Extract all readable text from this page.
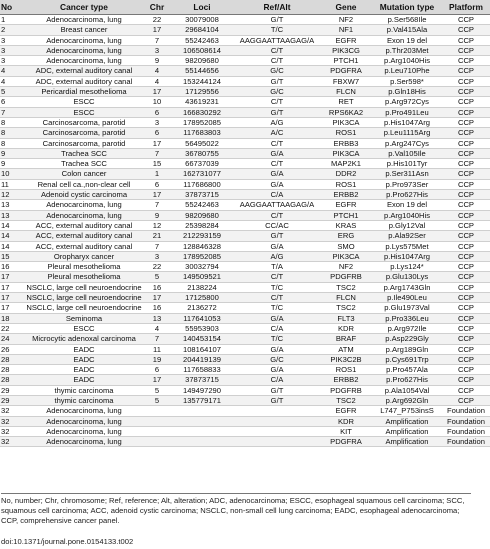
No	Cancer type	Chr	Loci	Ref/Alt	Gene	Mutation type	Platform
1	Adenocarcinoma, lung	22	30079008	G/T	NF2	p.Ser568Ile	CCP
2	Breast cancer	17	29684104	T/C	NF1	p.Val415Ala	CCP
3	Adenocarcinoma, lung	7	55242463	AAGGAATTAAGAG/A	EGFR	Exon 19 del	CCP
3	Adenocarcinoma, lung	3	106508614	C/T	PIK3CG	p.Thr203Met	CCP
3	Adenocarcinoma, lung	9	98209680	C/T	PTCH1	p.Arg1040His	CCP
4	ADC, external auditory canal	4	55144656	G/C	PDGFRA	p.Leu710Phe	CCP
4	ADC, external auditory canal	4	153244124	G/T	FBXW7	p.Ser598*	CCP
5	Pericardial mesothelioma	17	17129556	G/C	FLCN	p.Gln18His	CCP
6	ESCC	10	43619231	C/T	RET	p.Arg972Cys	CCP
7	ESCC	6	166830292	G/T	RPS6KA2	p.Pro491Leu	CCP
8	Carcinosarcoma, parotid	3	178952085	A/G	PIK3CA	p.His1047Arg	CCP
8	Carcinosarcoma, parotid	6	117683803	A/C	ROS1	p.Leu1115Arg	CCP
8	Carcinosarcoma, parotid	17	56495022	C/T	ERBB3	p.Arg247Cys	CCP
9	Trachea SCC	7	36780755	G/A	PIK3CA	p.Val105Ile	CCP
9	Trachea SCC	15	66737039	C/T	MAP2K1	p.His101Tyr	CCP
10	Colon cancer	1	162731077	G/A	DDR2	p.Ser311Asn	CCP
11	Renal cell ca.,non-clear cell	6	117686800	G/A	ROS1	p.Pro973Ser	CCP
12	Adenoid cystic carcinoma	17	37873715	C/A	ERBB2	p.Pro627His	CCP
13	Adenocarcinoma, lung	7	55242463	AAGGAATTAAGAG/A	EGFR	Exon 19 del	CCP
13	Adenocarcinoma, lung	9	98209680	C/T	PTCH1	p.Arg1040His	CCP
14	ACC, external auditory canal	12	25398284	CC/AC	KRAS	p.Gly12Val	CCP
14	ACC, external auditory canal	21	212293159	G/T	ERG	p.Ala92Ser	CCP
14	ACC, external auditory canal	7	128846328	G/A	SMO	p.Lys575Met	CCP
15	Oropharyx cancer	3	178952085	A/G	PIK3CA	p.His1047Arg	CCP
16	Pleural mesothelioma	22	30032794	T/A	NF2	p.Lys124*	CCP
17	Pleural mesothelioma	5	149509521	C/T	PDGFRB	p.Glu130Lys	CCP
17	NSCLC, large cell neuroendocrine	16	2138224	T/C	TSC2	p.Arg1743Gln	CCP
17	NSCLC, large cell neuroendocrine	17	17125800	C/T	FLCN	p.Ile490Leu	CCP
17	NSCLC, large cell neuroendocrine	16	2136272	T/C	TSC2	p.Glu1973Val	CCP
18	Seminoma	13	117641053	G/A	FLT3	p.Pro336Leu	CCP
22	ESCC	4	55953903	C/A	KDR	p.Arg972Ile	CCP
24	Microcytic adenoxal carcinoma	7	140453154	T/C	BRAF	p.Asp229Gly	CCP
26	EADC	11	108164107	G/A	ATM	p.Arg189Gln	CCP
28	EADC	19	204419139	G/C	PIK3C2B	p.Cys691Trp	CCP
28	EADC	6	117658833	G/A	ROS1	p.Pro457Ala	CCP
28	EADC	17	37873715	C/A	ERBB2	p.Pro627His	CCP
29	thymic carcinoma	5	149497290	G/T	PDGFRB	p.Ala1054Val	CCP
29	thymic carcinoma	5	135779171	G/T	TSC2	p.Arg692Gln	CCP
32	Adenocarcinoma, lung				EGFR	L747_P753insS	Foundation
32	Adenocarcinoma, lung				KDR	Amplification	Foundation
32	Adenocarcinoma, lung				KIT	Amplification	Foundation
32	Adenocarcinoma, lung				PDGFRA	Amplification	Foundation
No, number; Chr, chromosome; Ref, reference; Alt, alteration; ADC, adenocarcinoma; ESCC, esophageal squamous cell carcinoma; SCC, squamous cell carcinoma; ACC, adenoid cystic carcinoma; NSCLC, non-small cell lung carcinoma; EADC, esophageal adenocarcinoma; CCP, comprehensive cancer panel.
doi:10.1371/journal.pone.0154133.t002
